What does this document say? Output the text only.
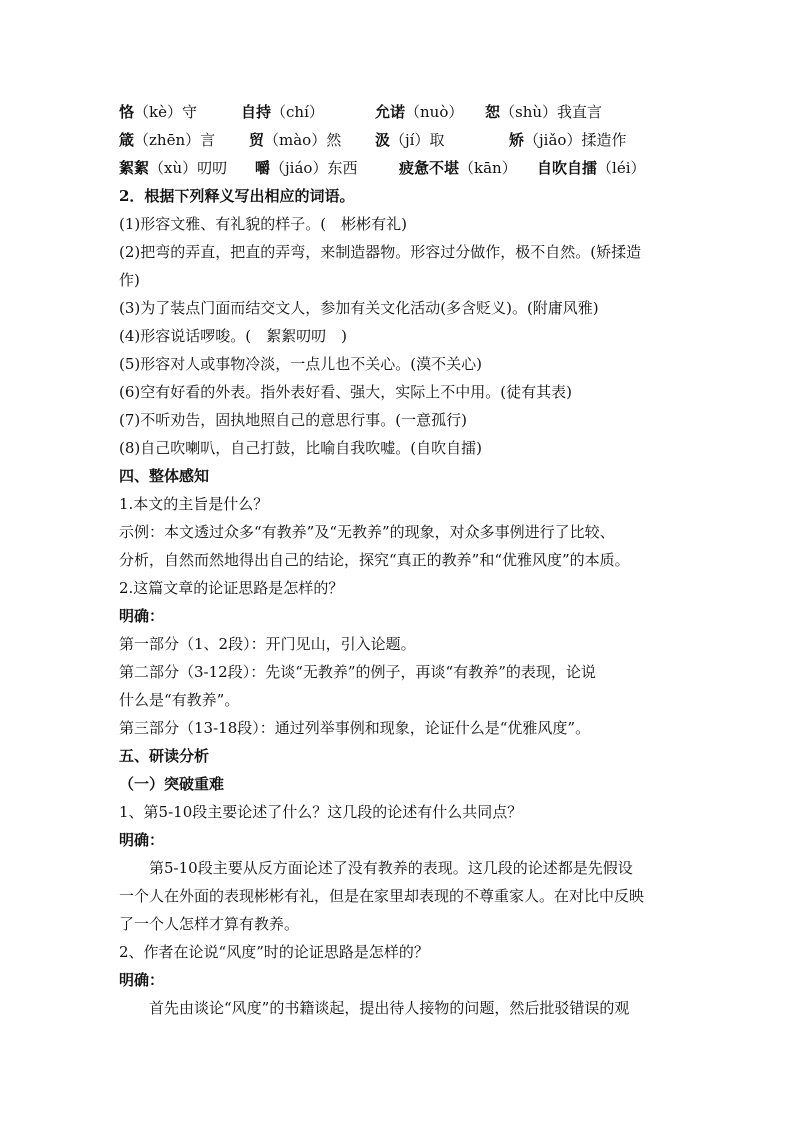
恪（kè）守	自持（chí）	允诺（nuò）	恕（shù）我直言
箴（zhēn）言	贸（mào）然	汲（jí）取	矫（jiǎo）揉造作
絮絮（xù）叨叨	嚼（jiáo）东西	疲惫不堪（kān）	自吹自擂（léi）
2．根据下列释义写出相应的词语。
(1)形容文雅、有礼貌的样子。(　彬彬有礼)
(2)把弯的弄直，把直的弄弯，来制造器物。形容过分做作，极不自然。(矫揉造
作)
(3)为了装点门面而结交文人，参加有关文化活动(多含贬义)。(附庸风雅)
(4)形容说话啰唆。(　絮絮叨叨　)
(5)形容对人或事物冷淡，一点儿也不关心。(漠不关心)
(6)空有好看的外表。指外表好看、强大，实际上不中用。(徒有其表)
(7)不听劝告，固执地照自己的意思行事。(一意孤行)
(8)自己吹喇叭，自己打鼓，比喻自我吹嘘。(自吹自擂)
四、整体感知
1.本文的主旨是什么？
示例：本文透过众多“有教养”及“无教养”的现象，对众多事例进行了比较、
分析，自然而然地得出自己的结论，探究“真正的教养”和“优雅风度”的本质。
2.这篇文章的论证思路是怎样的？
明确：
第一部分（1、2段）：开门见山，引入论题。
第二部分（3-12段）：先谈“无教养”的例子，再谈“有教养”的表现，论说
什么是“有教养”。
第三部分（13-18段）：通过列举事例和现象，论证什么是“优雅风度”。
五、研读分析
（一）突破重难
1、第5-10段主要论述了什么？这几段的论述有什么共同点？
明确：
第5-10段主要从反方面论述了没有教养的表现。这几段的论述都是先假设
一个人在外面的表现彬彬有礼，但是在家里却表现的不尊重家人。在对比中反映
了一个人怎样才算有教养。
2、作者在论说“风度”时的论证思路是怎样的？
明确：
首先由谈论“风度”的书籍谈起，提出待人接物的问题，然后批驳错误的观
